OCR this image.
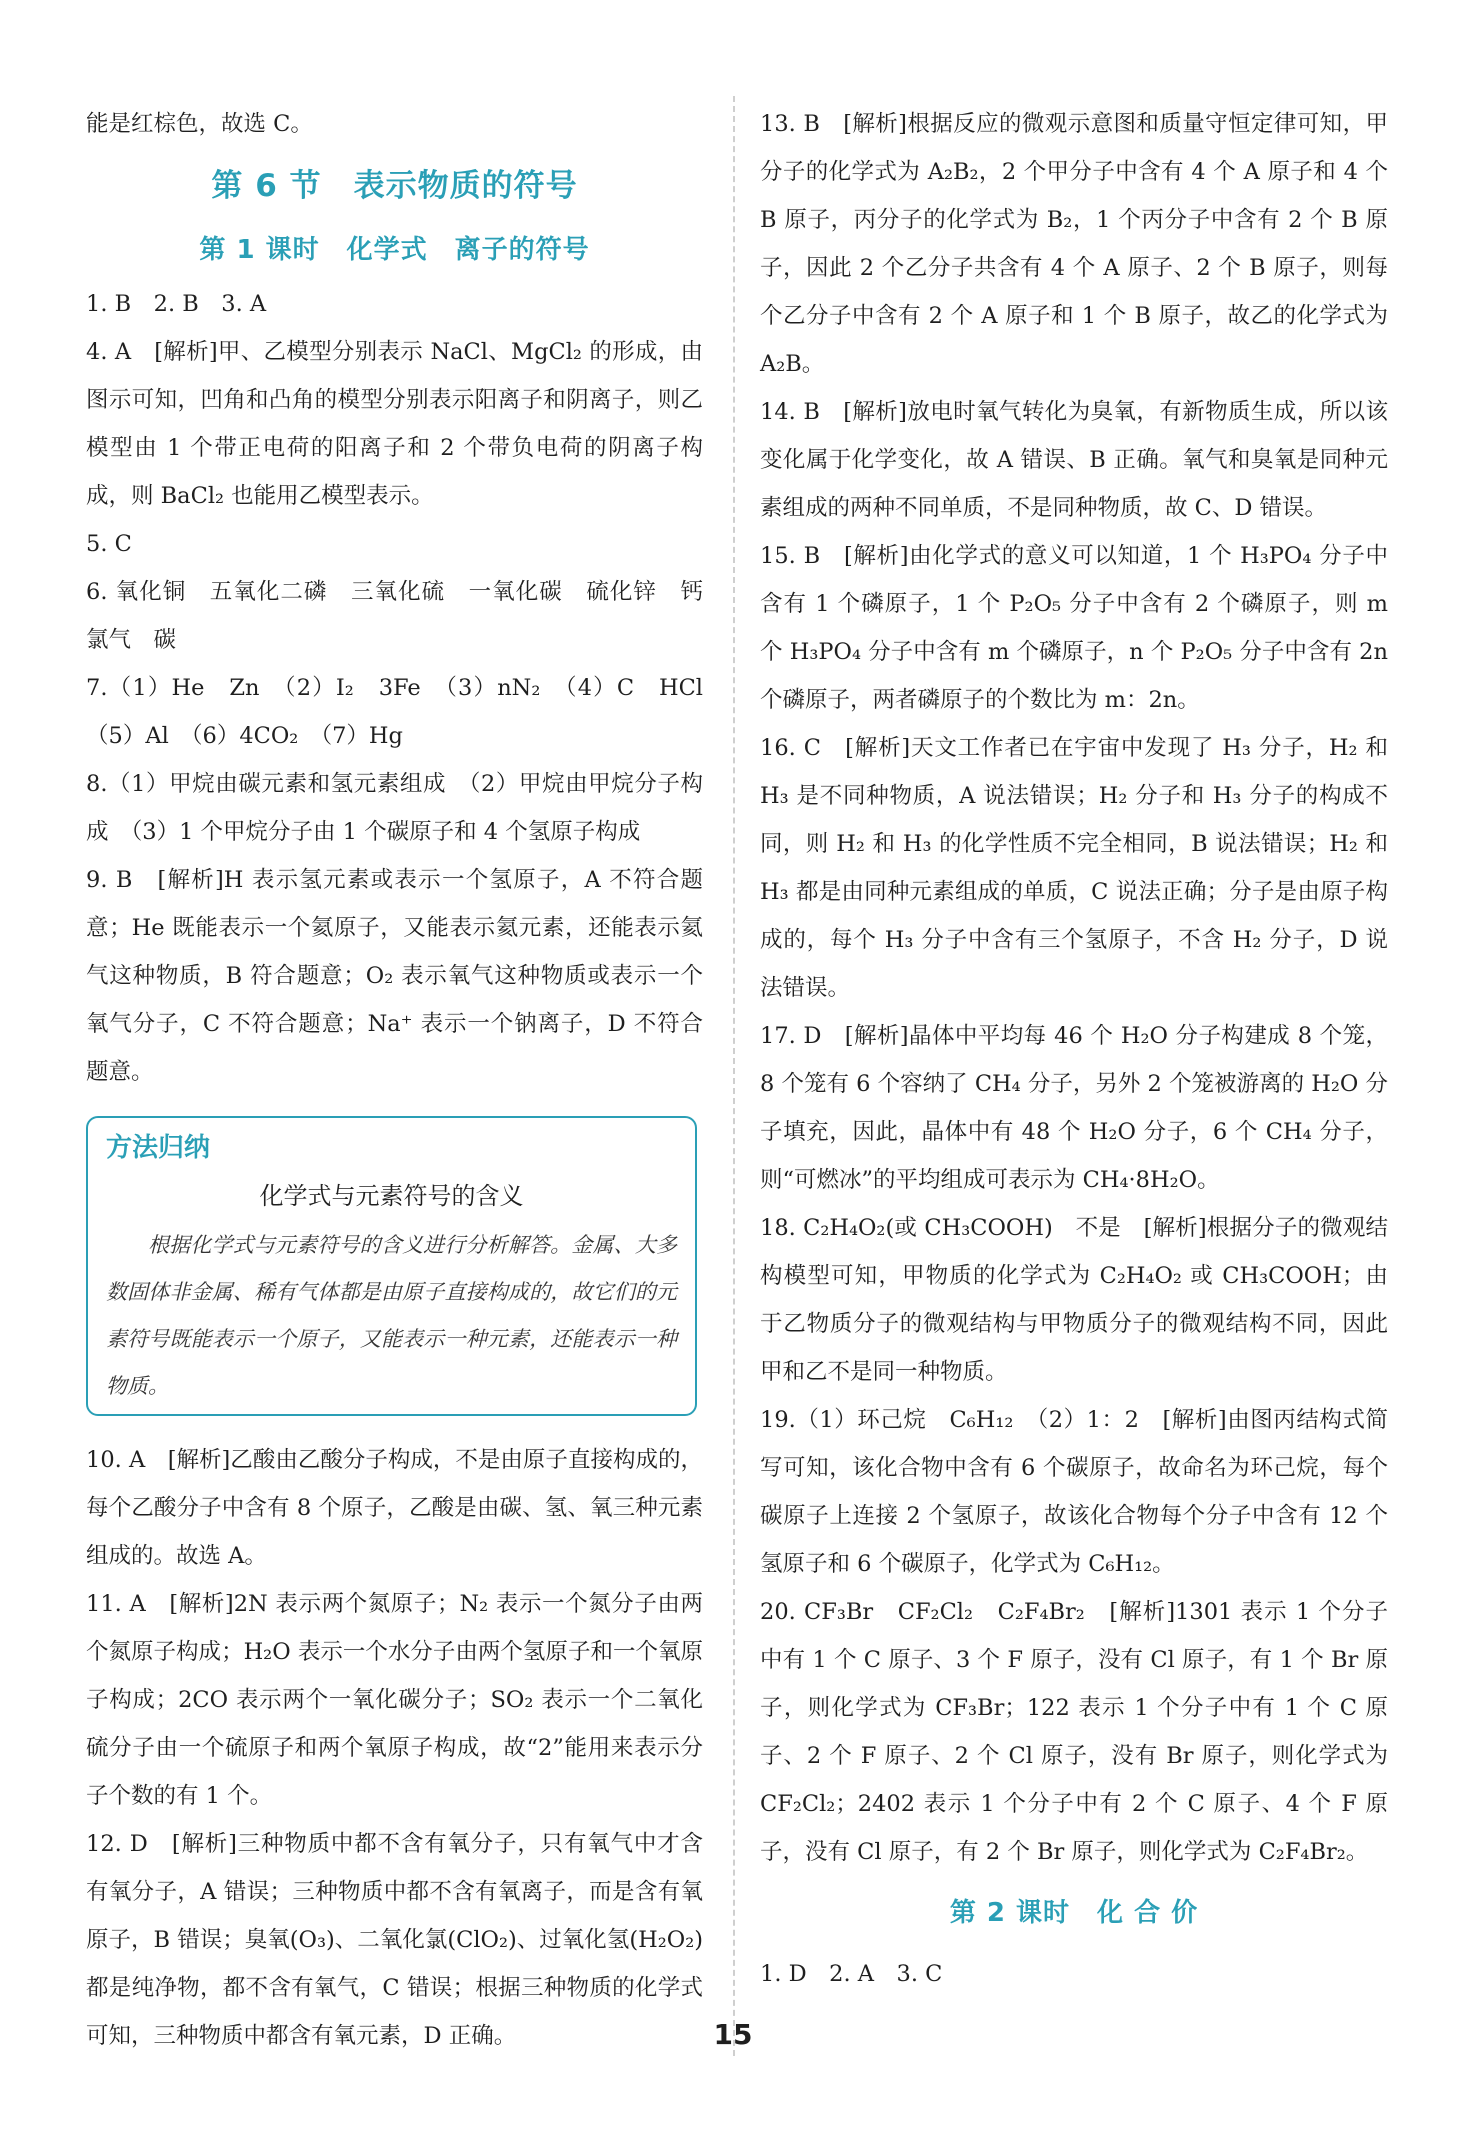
能是红棕色，故选 C。

第 6 节　表示物质的符号
第 1 课时　化学式　离子的符号

1. B　2. B　3. A

4. A　[解析]甲、乙模型分别表示 NaCl、MgCl₂ 的形成，由图示可知，凹角和凸角的模型分别表示阳离子和阴离子，则乙模型由 1 个带正电荷的阳离子和 2 个带负电荷的阴离子构成，则 BaCl₂ 也能用乙模型表示。

5. C

6. 氧化铜　五氧化二磷　三氧化硫　一氧化碳　硫化锌　钙　氯气　碳

7.（1）He　Zn　（2）I₂　3Fe　（3）nN₂　（4）C　HCl　（5）Al　（6）4CO₂　（7）Hg

8.（1）甲烷由碳元素和氢元素组成　（2）甲烷由甲烷分子构成　（3）1 个甲烷分子由 1 个碳原子和 4 个氢原子构成

9. B　[解析]H 表示氢元素或表示一个氢原子，A 不符合题意；He 既能表示一个氦原子，又能表示氦元素，还能表示氦气这种物质，B 符合题意；O₂ 表示氧气这种物质或表示一个氧气分子，C 不符合题意；Na⁺ 表示一个钠离子，D 不符合题意。

方法归纳

化学式与元素符号的含义

根据化学式与元素符号的含义进行分析解答。金属、大多数固体非金属、稀有气体都是由原子直接构成的，故它们的元素符号既能表示一个原子，又能表示一种元素，还能表示一种物质。

10. A　[解析]乙酸由乙酸分子构成，不是由原子直接构成的，每个乙酸分子中含有 8 个原子，乙酸是由碳、氢、氧三种元素组成的。故选 A。

11. A　[解析]2N 表示两个氮原子；N₂ 表示一个氮分子由两个氮原子构成；H₂O 表示一个水分子由两个氢原子和一个氧原子构成；2CO 表示两个一氧化碳分子；SO₂ 表示一个二氧化硫分子由一个硫原子和两个氧原子构成，故“2”能用来表示分子个数的有 1 个。

12. D　[解析]三种物质中都不含有氧分子，只有氧气中才含有氧分子，A 错误；三种物质中都不含有氧离子，而是含有氧原子，B 错误；臭氧(O₃)、二氧化氯(ClO₂)、过氧化氢(H₂O₂)都是纯净物，都不含有氧气，C 错误；根据三种物质的化学式可知，三种物质中都含有氧元素，D 正确。

13. B　[解析]根据反应的微观示意图和质量守恒定律可知，甲分子的化学式为 A₂B₂，2 个甲分子中含有 4 个 A 原子和 4 个 B 原子，丙分子的化学式为 B₂，1 个丙分子中含有 2 个 B 原子，因此 2 个乙分子共含有 4 个 A 原子、2 个 B 原子，则每个乙分子中含有 2 个 A 原子和 1 个 B 原子，故乙的化学式为 A₂B。

14. B　[解析]放电时氧气转化为臭氧，有新物质生成，所以该变化属于化学变化，故 A 错误、B 正确。氧气和臭氧是同种元素组成的两种不同单质，不是同种物质，故 C、D 错误。

15. B　[解析]由化学式的意义可以知道，1 个 H₃PO₄ 分子中含有 1 个磷原子，1 个 P₂O₅ 分子中含有 2 个磷原子，则 m 个 H₃PO₄ 分子中含有 m 个磷原子，n 个 P₂O₅ 分子中含有 2n 个磷原子，两者磷原子的个数比为 m：2n。

16. C　[解析]天文工作者已在宇宙中发现了 H₃ 分子，H₂ 和 H₃ 是不同种物质，A 说法错误；H₂ 分子和 H₃ 分子的构成不同，则 H₂ 和 H₃ 的化学性质不完全相同，B 说法错误；H₂ 和 H₃ 都是由同种元素组成的单质，C 说法正确；分子是由原子构成的，每个 H₃ 分子中含有三个氢原子，不含 H₂ 分子，D 说法错误。

17. D　[解析]晶体中平均每 46 个 H₂O 分子构建成 8 个笼，8 个笼有 6 个容纳了 CH₄ 分子，另外 2 个笼被游离的 H₂O 分子填充，因此，晶体中有 48 个 H₂O 分子，6 个 CH₄ 分子，则“可燃冰”的平均组成可表示为 CH₄·8H₂O。

18. C₂H₄O₂(或 CH₃COOH)　不是　[解析]根据分子的微观结构模型可知，甲物质的化学式为 C₂H₄O₂ 或 CH₃COOH；由于乙物质分子的微观结构与甲物质分子的微观结构不同，因此甲和乙不是同一种物质。

19.（1）环己烷　C₆H₁₂　（2）1：2　[解析]由图丙结构式简写可知，该化合物中含有 6 个碳原子，故命名为环己烷，每个碳原子上连接 2 个氢原子，故该化合物每个分子中含有 12 个氢原子和 6 个碳原子，化学式为 C₆H₁₂。

20. CF₃Br　CF₂Cl₂　C₂F₄Br₂　[解析]1301 表示 1 个分子中有 1 个 C 原子、3 个 F 原子，没有 Cl 原子，有 1 个 Br 原子，则化学式为 CF₃Br；122 表示 1 个分子中有 1 个 C 原子、2 个 F 原子、2 个 Cl 原子，没有 Br 原子，则化学式为 CF₂Cl₂；2402 表示 1 个分子中有 2 个 C 原子、4 个 F 原子，没有 Cl 原子，有 2 个 Br 原子，则化学式为 C₂F₄Br₂。

第 2 课时　化 合 价

1. D　2. A　3. C

15
